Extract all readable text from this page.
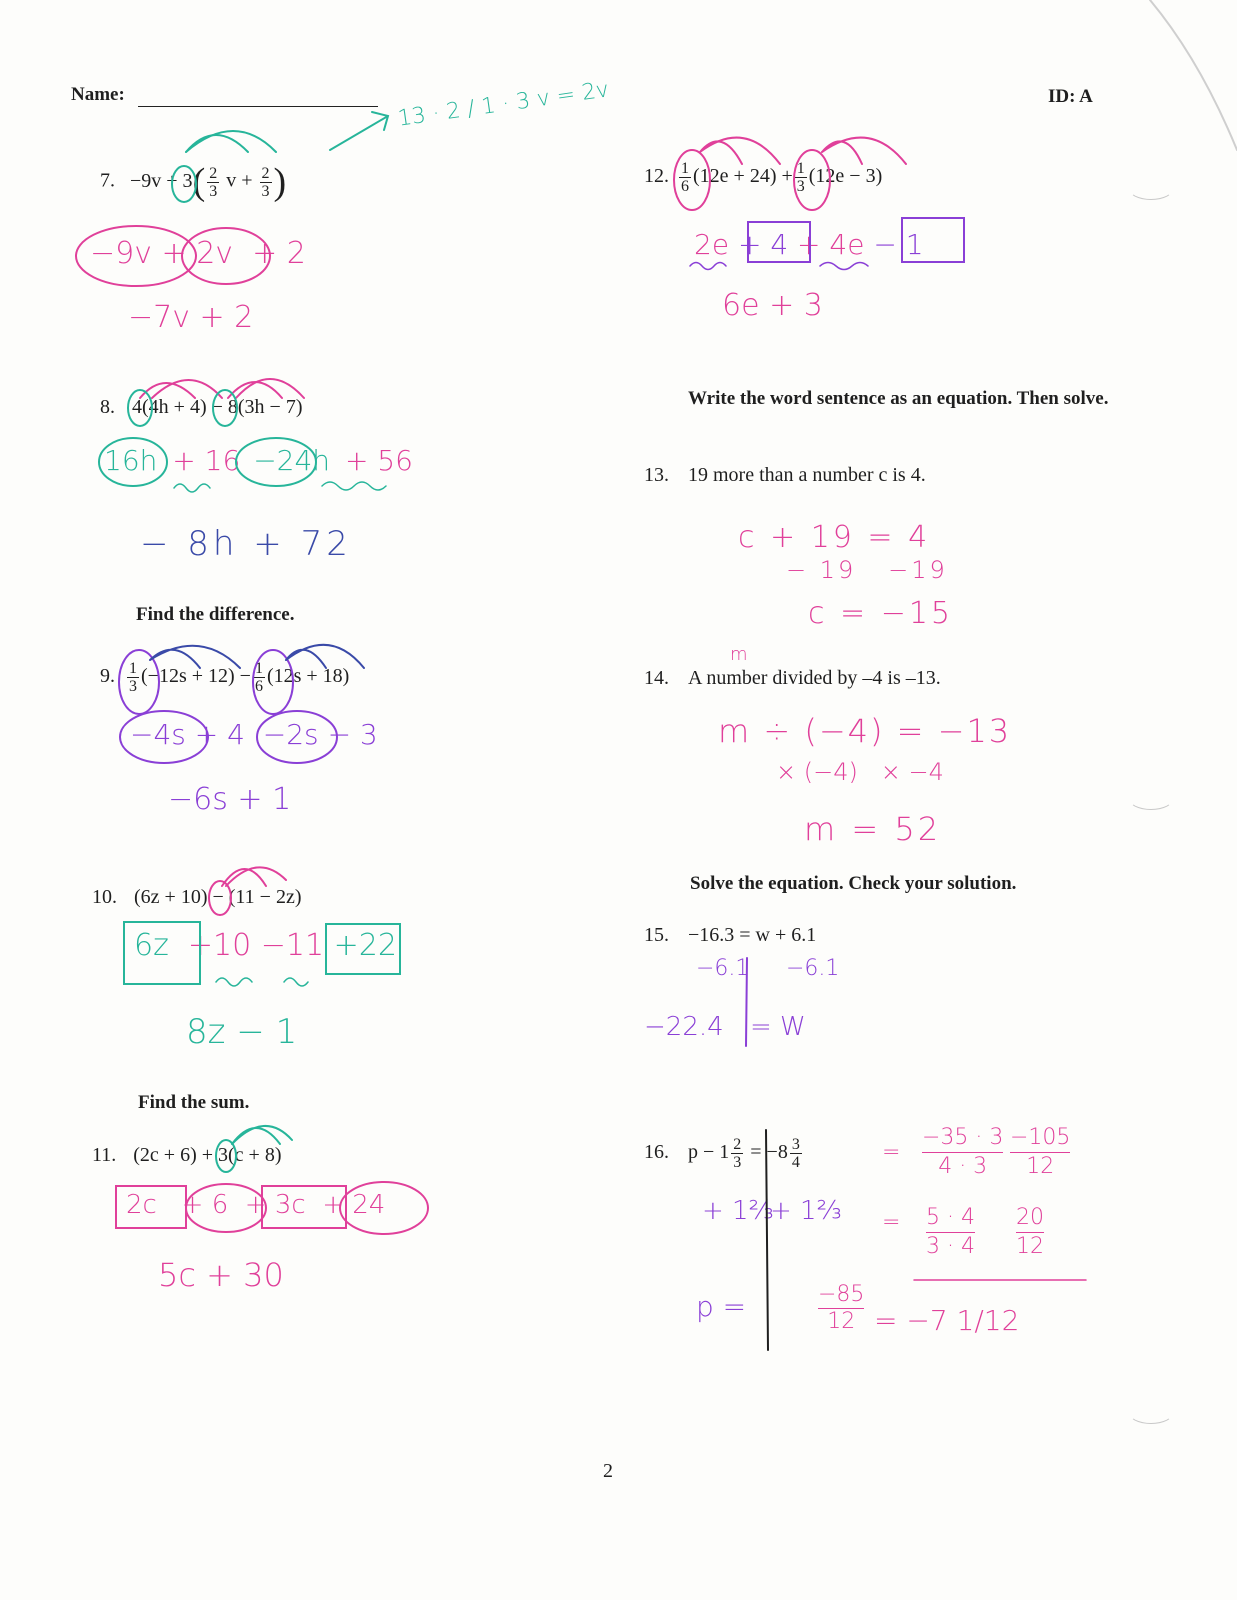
Name:	ID: A
13 · 2 / 1 · 3 v = 2v
7. $-9v + 3( \frac{2}{3}$ $v + \frac{2}{3}$ )
−9v + 2v + 2
−7v + 2
8. 4(4h + 4) − 8(3h − 7)
16h + 16 −24h + 56
− 8h + 72
Find the difference.
9. $\frac{1}{3} (-12s + 12) - \frac{1}{6} (12s + 18)$
−4s + 4 −2s − 3
−6s + 1
10. (6z + 10) − (11 − 2z)
6z +10 −11 +22
8z − 1
Find the sum.
11. (2c + 6) + 3(c + 8)
2c + 6 + 3c + 24
5c + 30
12. $\frac{1}{6} (12e + 24) + \frac{1}{3} (12e - 3)$
2e + 4 + 4e − 1
6e + 3
Write the word sentence as an equation. Then solve.
13. 19 more than a number c is 4.
c + 19 = 4
− 19   −19
c = −15
m
14. A number divided by –4 is –13.
m ÷ (−4) = −13
× (−4)   × −4
m = 52
Solve the equation. Check your solution.
15. −16.3 = w + 6.1
−6.1 −6.1
−22.4 = W
16. $p - 1 \frac{2}{3} = -8 \frac{3}{4}$
+ 1⅔
+ 1⅔
p =	$\frac{-85}{12} = -7$ 1/12
= $\frac{-35 \cdot 3}{4 \cdot 3} \frac{-105}{12}$
= $\frac{5 \cdot 4}{3 \cdot 4} \frac{20}{12}$
2
